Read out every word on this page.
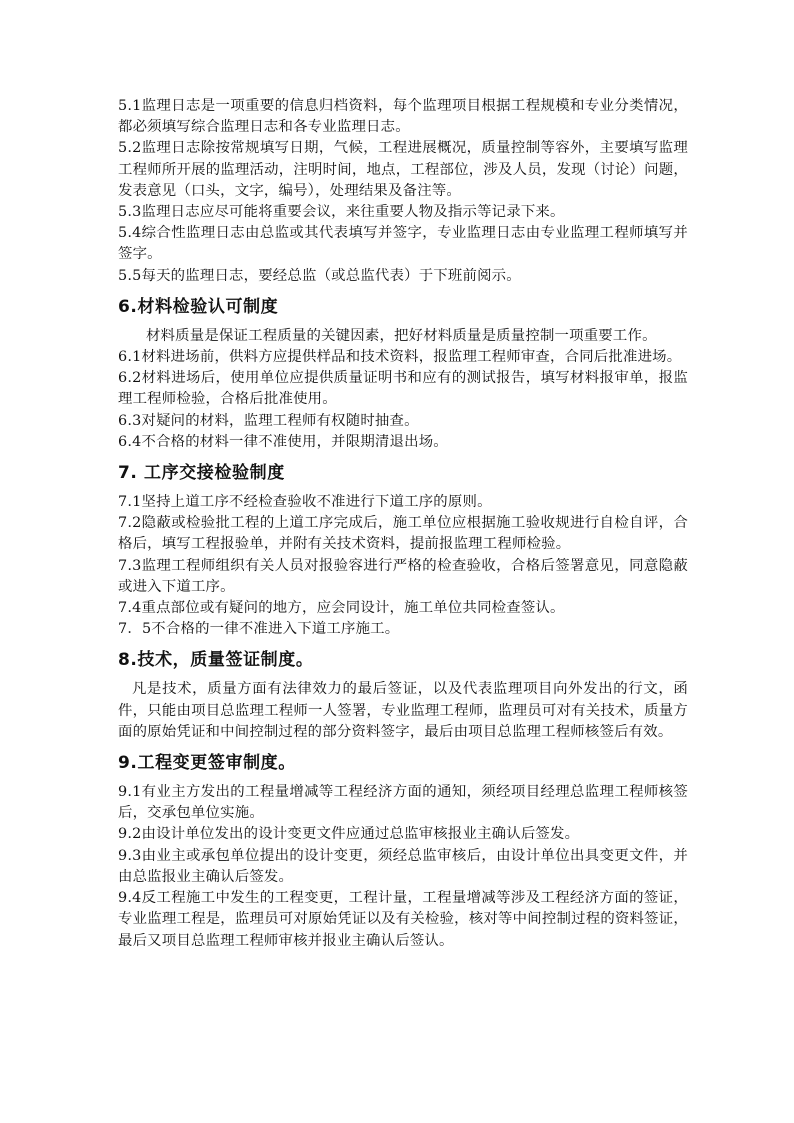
5.1监理日志是一项重要的信息归档资料，每个监理项目根据工程规模和专业分类情况，都必须填写综合监理日志和各专业监理日志。

5.2监理日志除按常规填写日期，气候，工程进展概况，质量控制等容外，主要填写监理工程师所开展的监理活动，注明时间，地点，工程部位，涉及人员，发现（讨论）问题，发表意见（口头，文字，编号），处理结果及备注等。

5.3监理日志应尽可能将重要会议，来往重要人物及指示等记录下来。

5.4综合性监理日志由总监或其代表填写并签字，专业监理日志由专业监理工程师填写并签字。

5.5每天的监理日志，要经总监（或总监代表）于下班前阅示。

6.材料检验认可制度

材料质量是保证工程质量的关键因素，把好材料质量是质量控制一项重要工作。

6.1材料进场前，供料方应提供样品和技术资料，报监理工程师审查，合同后批准进场。

6.2材料进场后，使用单位应提供质量证明书和应有的测试报告，填写材料报审单，报监理工程师检验，合格后批准使用。

6.3对疑问的材料，监理工程师有权随时抽查。

6.4不合格的材料一律不准使用，并限期清退出场。

7. 工序交接检验制度

7.1坚持上道工序不经检查验收不准进行下道工序的原则。

7.2隐蔽或检验批工程的上道工序完成后，施工单位应根据施工验收规进行自检自评，合格后，填写工程报验单，并附有关技术资料，提前报监理工程师检验。

7.3监理工程师组织有关人员对报验容进行严格的检查验收，合格后签署意见，同意隐蔽或进入下道工序。

7.4重点部位或有疑问的地方，应会同设计，施工单位共同检查签认。

7．5不合格的一律不准进入下道工序施工。

8.技术，质量签证制度。

凡是技术，质量方面有法律效力的最后签证，以及代表监理项目向外发出的行文，函件，只能由项目总监理工程师一人签署，专业监理工程师，监理员可对有关技术，质量方面的原始凭证和中间控制过程的部分资料签字，最后由项目总监理工程师核签后有效。

9.工程变更签审制度。

9.1有业主方发出的工程量增减等工程经济方面的通知，须经项目经理总监理工程师核签后，交承包单位实施。

9.2由设计单位发出的设计变更文件应通过总监审核报业主确认后签发。

9.3由业主或承包单位提出的设计变更，须经总监审核后，由设计单位出具变更文件，并由总监报业主确认后签发。

9.4反工程施工中发生的工程变更，工程计量，工程量增减等涉及工程经济方面的签证，专业监理工程是，监理员可对原始凭证以及有关检验，核对等中间控制过程的资料签证，最后又项目总监理工程师审核并报业主确认后签认。
